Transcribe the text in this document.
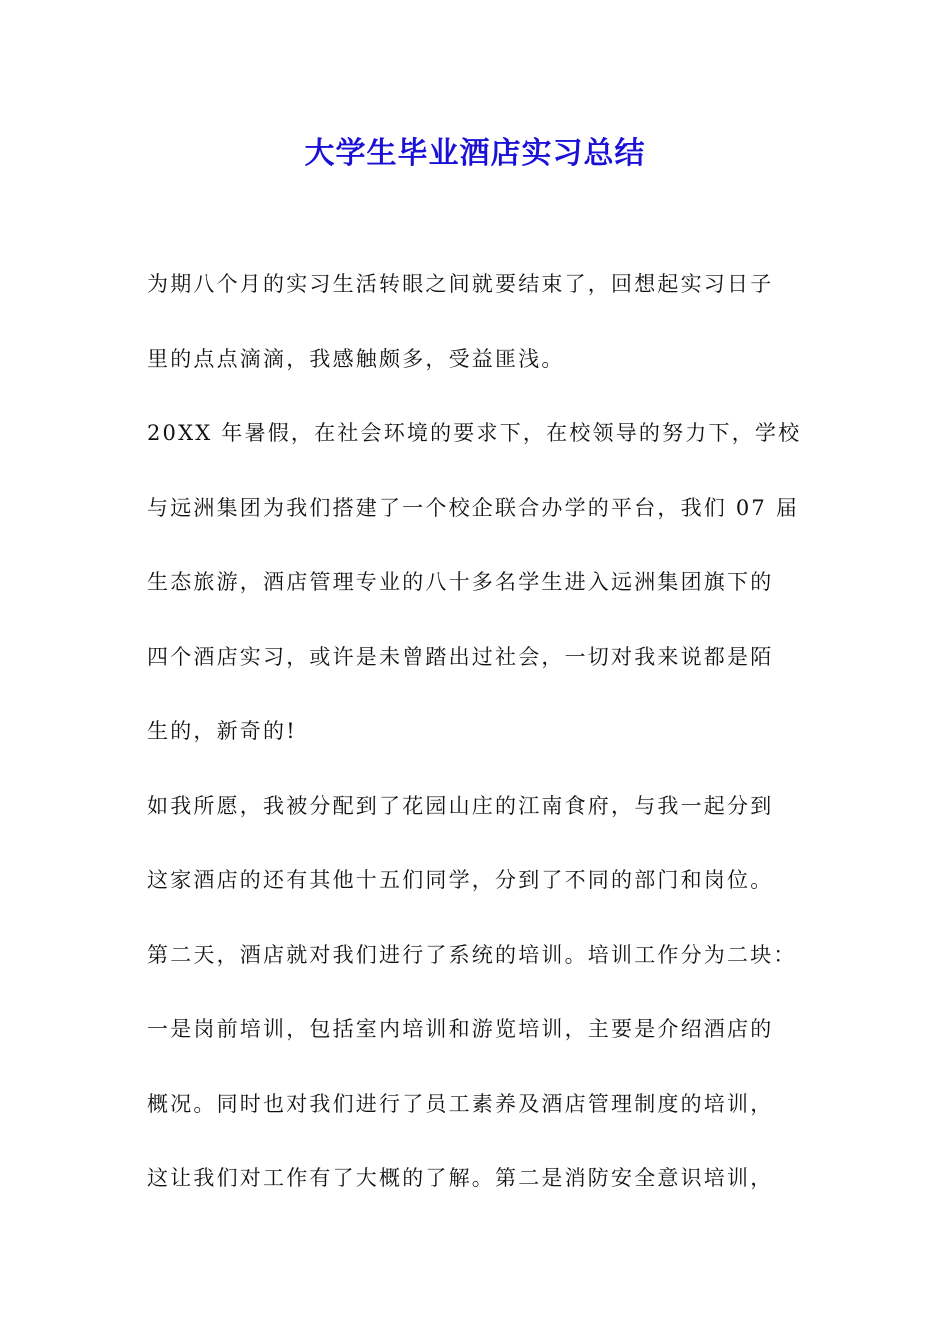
大学生毕业酒店实习总结
为期八个月的实习生活转眼之间就要结束了，回想起实习日子
里的点点滴滴，我感触颇多，受益匪浅。
20XX 年暑假，在社会环境的要求下，在校领导的努力下，学校
与远洲集团为我们搭建了一个校企联合办学的平台，我们 07 届
生态旅游，酒店管理专业的八十多名学生进入远洲集团旗下的
四个酒店实习，或许是未曾踏出过社会，一切对我来说都是陌
生的，新奇的!
如我所愿，我被分配到了花园山庄的江南食府，与我一起分到
这家酒店的还有其他十五们同学，分到了不同的部门和岗位。
第二天，酒店就对我们进行了系统的培训。培训工作分为二块：
一是岗前培训，包括室内培训和游览培训，主要是介绍酒店的
概况。同时也对我们进行了员工素养及酒店管理制度的培训，
这让我们对工作有了大概的了解。第二是消防安全意识培训，
